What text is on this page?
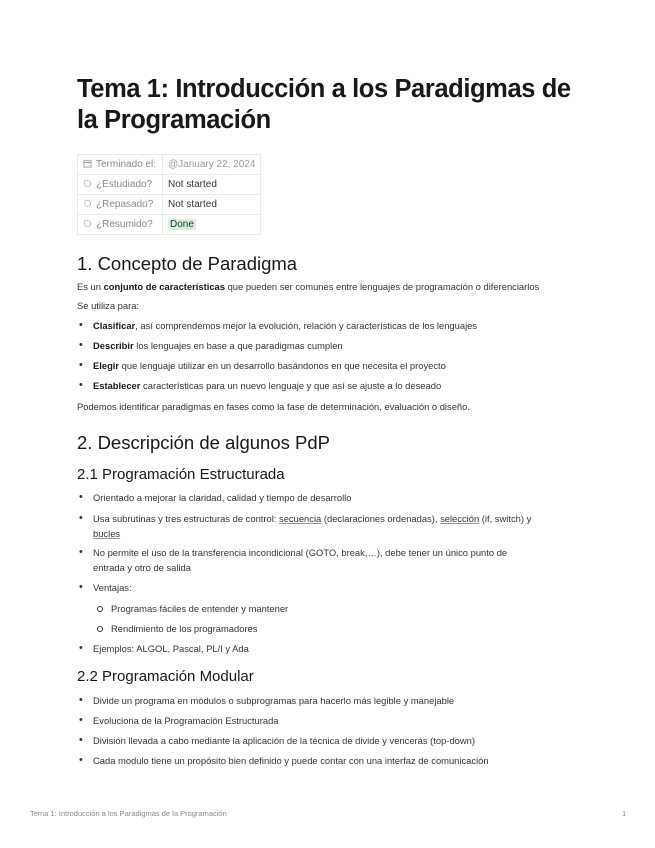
Tema 1: Introducción a los Paradigmas de la Programación
Terminado el:	@January 22, 2024
¿Estudiado?	Not started
¿Repasado?	Not started
¿Resumido?	Done
1. Concepto de Paradigma
Es un conjunto de características que pueden ser comunes entre lenguajes de programación o diferenciarlos
Se utiliza para:
• Clasificar, así comprendemos mejor la evolución, relación y características de los lenguajes
• Describir los lenguajes en base a que paradigmas cumplen
• Elegir que lenguaje utilizar en un desarrollo basándonos en que necesita el proyecto
• Establecer características para un nuevo lenguaje y que así se ajuste a lo deseado
Podemos identificar paradigmas en fases como la fase de determinación, evaluación o diseño.
2. Descripción de algunos PdP
2.1 Programación Estructurada
• Orientado a mejorar la claridad, calidad y tiempo de desarrollo
• Usa subrutinas y tres estructuras de control: secuencia (declaraciones ordenadas), selección (if, switch) y
bucles
• No permite el uso de la transferencia incondicional (GOTO, break,…), debe tener un único punto de
entrada y otro de salida
• Ventajas:
Programas fáciles de entender y mantener
Rendimiento de los programadores
• Ejemplos: ALGOL, Pascal, PL/I y Ada
2.2 Programación Modular
• Divide un programa en módulos o subprogramas para hacerlo más legible y manejable
• Evoluciona de la Programación Estructurada
• División llevada a cabo mediante la aplicación de la técnica de divide y vencerás (top-down)
• Cada modulo tiene un propósito bien definido y puede contar con una interfaz de comunicación
Tema 1: Introducción a los Paradigmas de la Programación	1
